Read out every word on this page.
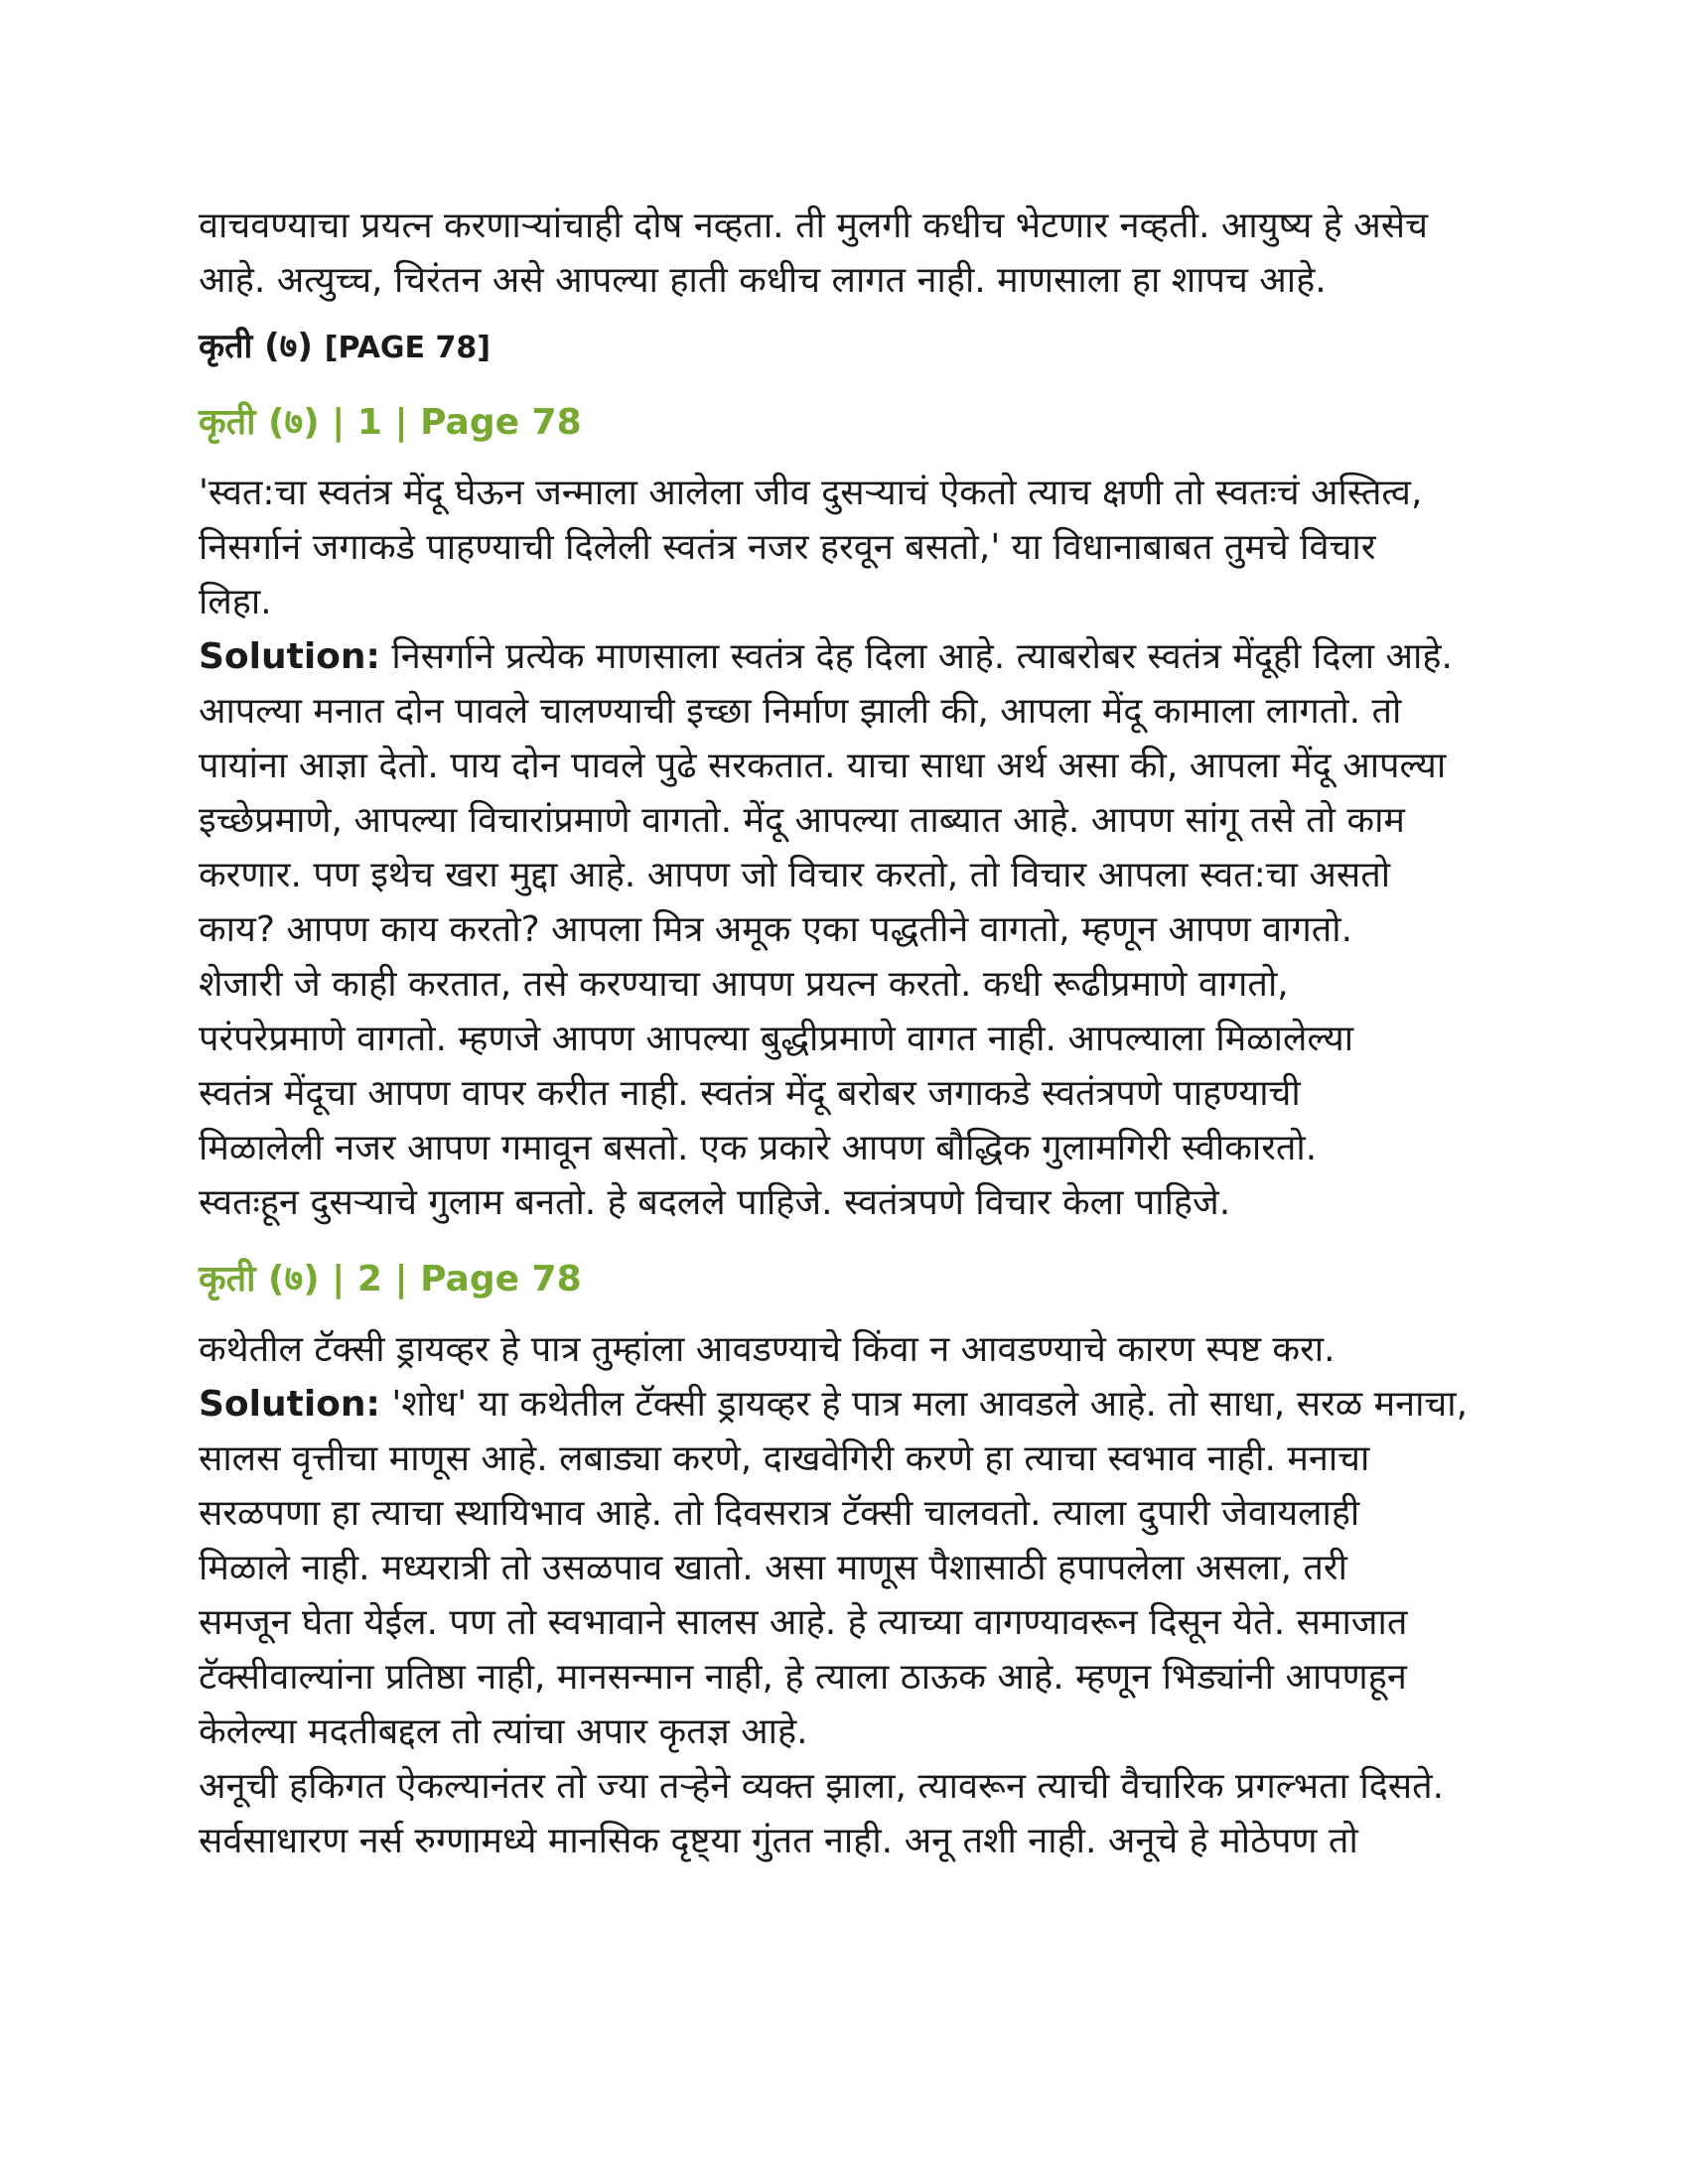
वाचवण्याचा प्रयत्न करणाऱ्यांचाही दोष नव्हता. ती मुलगी कधीच भेटणार नव्हती. आयुष्य हे असेच
आहे. अत्युच्च, चिरंतन असे आपल्या हाती कधीच लागत नाही. माणसाला हा शापच आहे.
कृती (७) [PAGE 78]
कृती (७) | 1 | Page 78
'स्वत:चा स्वतंत्र मेंदू घेऊन जन्माला आलेला जीव दुसऱ्याचं ऐकतो त्याच क्षणी तो स्वतःचं अस्तित्व,
निसर्गानं जगाकडे पाहण्याची दिलेली स्वतंत्र नजर हरवून बसतो,' या विधानाबाबत तुमचे विचार
लिहा.
Solution: निसर्गाने प्रत्येक माणसाला स्वतंत्र देह दिला आहे. त्याबरोबर स्वतंत्र मेंदूही दिला आहे.
आपल्या मनात दोन पावले चालण्याची इच्छा निर्माण झाली की, आपला मेंदू कामाला लागतो. तो
पायांना आज्ञा देतो. पाय दोन पावले पुढे सरकतात. याचा साधा अर्थ असा की, आपला मेंदू आपल्या
इच्छेप्रमाणे, आपल्या विचारांप्रमाणे वागतो. मेंदू आपल्या ताब्यात आहे. आपण सांगू तसे तो काम
करणार. पण इथेच खरा मुद्दा आहे. आपण जो विचार करतो, तो विचार आपला स्वत:चा असतो
काय? आपण काय करतो? आपला मित्र अमूक एका पद्धतीने वागतो, म्हणून आपण वागतो.
शेजारी जे काही करतात, तसे करण्याचा आपण प्रयत्न करतो. कधी रूढीप्रमाणे वागतो,
परंपरेप्रमाणे वागतो. म्हणजे आपण आपल्या बुद्धीप्रमाणे वागत नाही. आपल्याला मिळालेल्या
स्वतंत्र मेंदूचा आपण वापर करीत नाही. स्वतंत्र मेंदू बरोबर जगाकडे स्वतंत्रपणे पाहण्याची
मिळालेली नजर आपण गमावून बसतो. एक प्रकारे आपण बौद्धिक गुलामगिरी स्वीकारतो.
स्वतःहून दुसऱ्याचे गुलाम बनतो. हे बदलले पाहिजे. स्वतंत्रपणे विचार केला पाहिजे.
कृती (७) | 2 | Page 78
कथेतील टॅक्सी ड्रायव्हर हे पात्र तुम्हांला आवडण्याचे किंवा न आवडण्याचे कारण स्पष्ट करा.
Solution: 'शोध' या कथेतील टॅक्सी ड्रायव्हर हे पात्र मला आवडले आहे. तो साधा, सरळ मनाचा,
सालस वृत्तीचा माणूस आहे. लबाड्या करणे, दाखवेगिरी करणे हा त्याचा स्वभाव नाही. मनाचा
सरळपणा हा त्याचा स्थायिभाव आहे. तो दिवसरात्र टॅक्सी चालवतो. त्याला दुपारी जेवायलाही
मिळाले नाही. मध्यरात्री तो उसळपाव खातो. असा माणूस पैशासाठी हपापलेला असला, तरी
समजून घेता येईल. पण तो स्वभावाने सालस आहे. हे त्याच्या वागण्यावरून दिसून येते. समाजात
टॅक्सीवाल्यांना प्रतिष्ठा नाही, मानसन्मान नाही, हे त्याला ठाऊक आहे. म्हणून भिड्यांनी आपणहून
केलेल्या मदतीबद्दल तो त्यांचा अपार कृतज्ञ आहे.
अनूची हकिगत ऐकल्यानंतर तो ज्या तऱ्हेने व्यक्त झाला, त्यावरून त्याची वैचारिक प्रगल्भता दिसते.
सर्वसाधारण नर्स रुग्णामध्ये मानसिक दृष्ट्या गुंतत नाही. अनू तशी नाही. अनूचे हे मोठेपण तो
